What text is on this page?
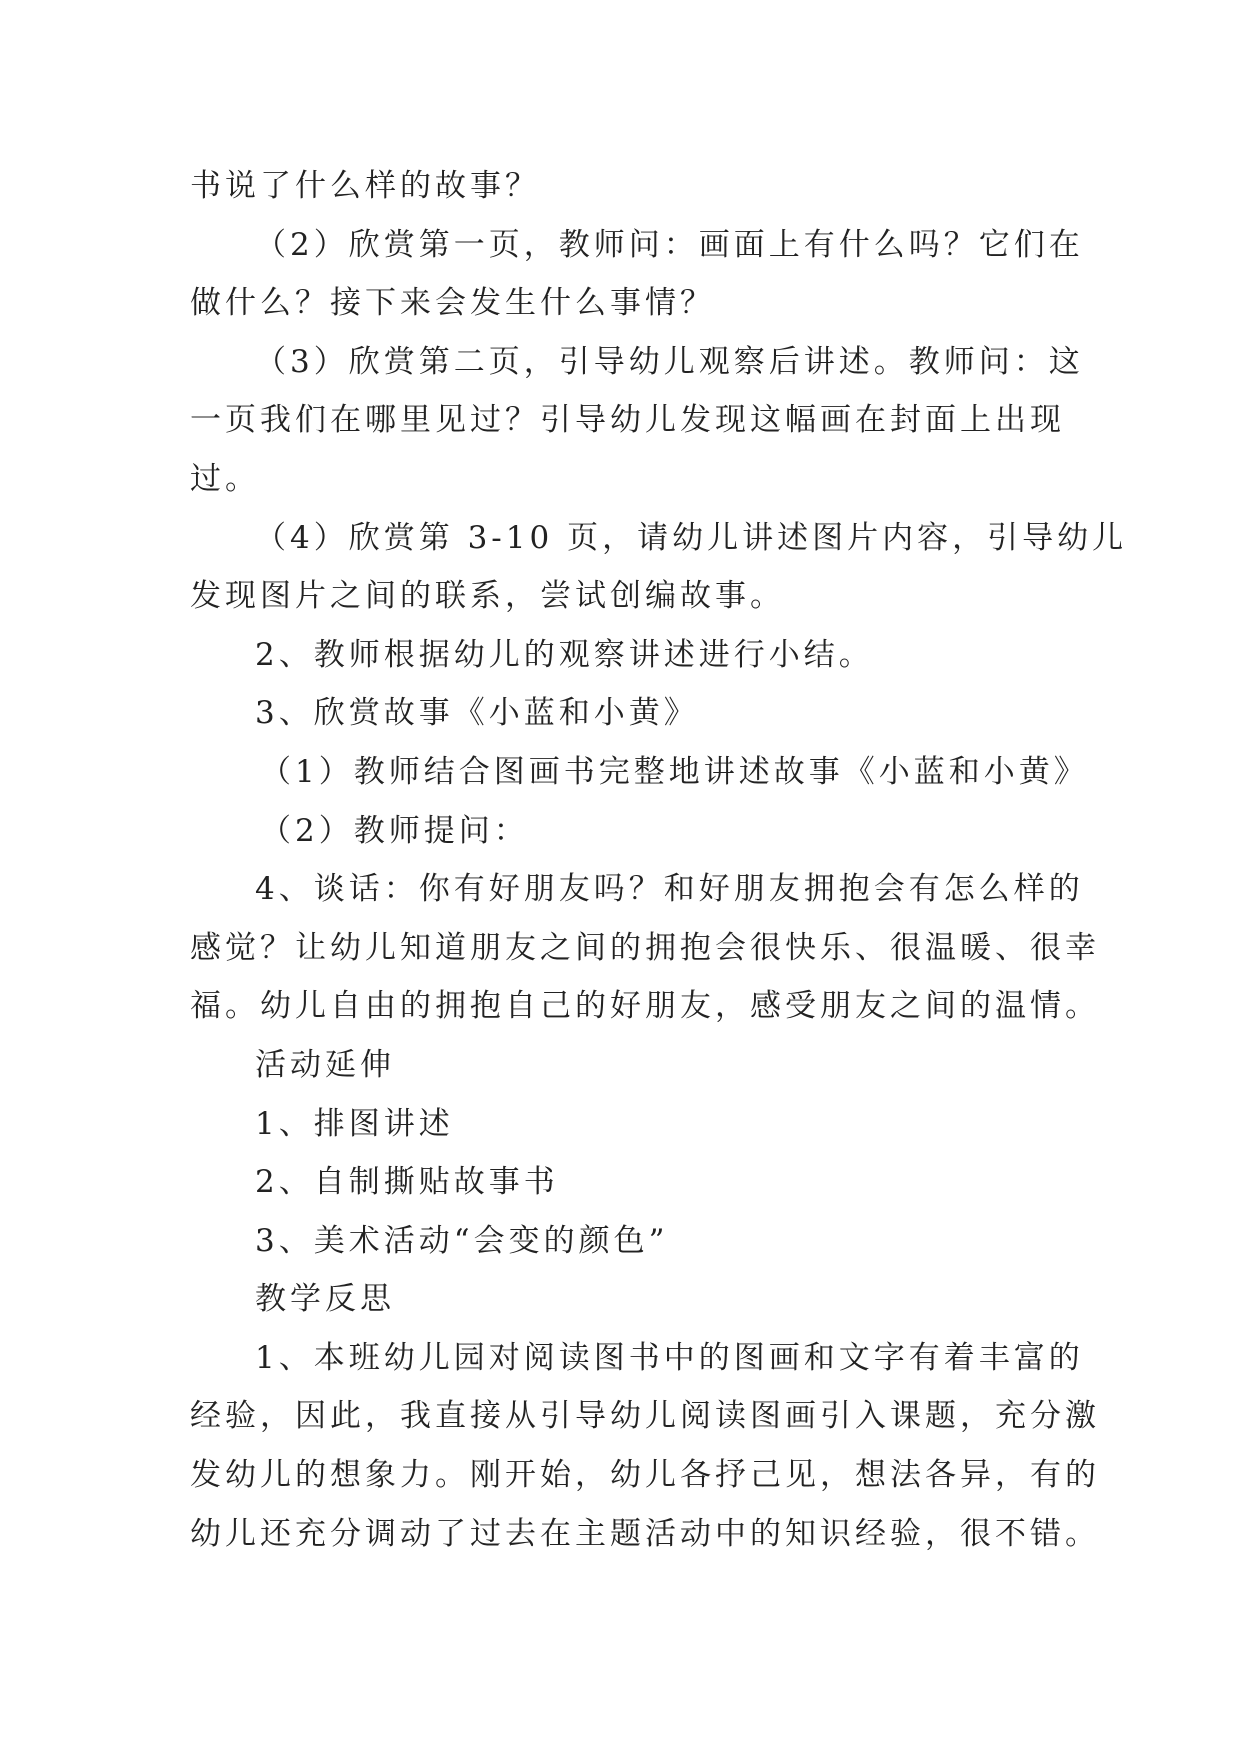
书说了什么样的故事？
（2）欣赏第一页，教师问：画面上有什么吗？它们在
做什么？接下来会发生什么事情？
（3）欣赏第二页，引导幼儿观察后讲述。教师问：这
一页我们在哪里见过？引导幼儿发现这幅画在封面上出现
过。
（4）欣赏第 3-10 页，请幼儿讲述图片内容，引导幼儿
发现图片之间的联系，尝试创编故事。
2、教师根据幼儿的观察讲述进行小结。
3、欣赏故事《小蓝和小黄》
（1）教师结合图画书完整地讲述故事《小蓝和小黄》
（2）教师提问：
4、谈话：你有好朋友吗？和好朋友拥抱会有怎么样的
感觉？让幼儿知道朋友之间的拥抱会很快乐、很温暖、很幸
福。幼儿自由的拥抱自己的好朋友，感受朋友之间的温情。
活动延伸
1、排图讲述
2、自制撕贴故事书
3、美术活动“会变的颜色”
教学反思
1、本班幼儿园对阅读图书中的图画和文字有着丰富的
经验，因此，我直接从引导幼儿阅读图画引入课题，充分激
发幼儿的想象力。刚开始，幼儿各抒己见，想法各异，有的
幼儿还充分调动了过去在主题活动中的知识经验，很不错。
